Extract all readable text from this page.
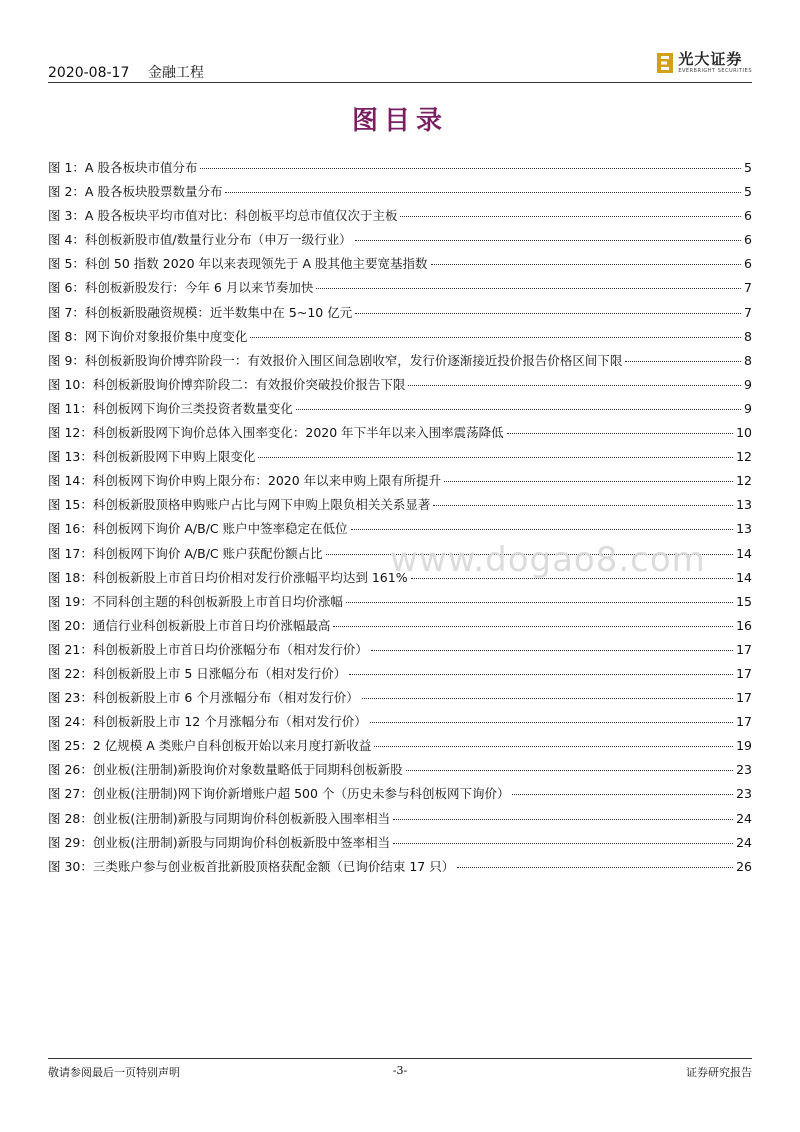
2020-08-17 金融工程
光大证券
EVERBRIGHT SECURITIES
图目录
图 1：A 股各板块市值分布	5
图 2：A 股各板块股票数量分布	5
图 3：A 股各板块平均市值对比：科创板平均总市值仅次于主板	6
图 4：科创板新股市值/数量行业分布（申万一级行业）	6
图 5：科创 50 指数 2020 年以来表现领先于 A 股其他主要宽基指数	6
图 6：科创板新股发行：今年 6 月以来节奏加快	7
图 7：科创板新股融资规模：近半数集中在 5~10 亿元	7
图 8：网下询价对象报价集中度变化	8
图 9：科创板新股询价博弈阶段一：有效报价入围区间急剧收窄，发行价逐渐接近投价报告价格区间下限	8
图 10：科创板新股询价博弈阶段二：有效报价突破投价报告下限	9
图 11：科创板网下询价三类投资者数量变化	9
图 12：科创板新股网下询价总体入围率变化：2020 年下半年以来入围率震荡降低	10
图 13：科创板新股网下申购上限变化	12
图 14：科创板网下询价申购上限分布：2020 年以来申购上限有所提升	12
图 15：科创板新股顶格申购账户占比与网下申购上限负相关关系显著	13
图 16：科创板网下询价 A/B/C 账户中签率稳定在低位	13
图 17：科创板网下询价 A/B/C 账户获配份额占比	14
图 18：科创板新股上市首日均价相对发行价涨幅平均达到 161%	14
图 19：不同科创主题的科创板新股上市首日均价涨幅	15
图 20：通信行业科创板新股上市首日均价涨幅最高	16
图 21：科创板新股上市首日均价涨幅分布（相对发行价）	17
图 22：科创板新股上市 5 日涨幅分布（相对发行价）	17
图 23：科创板新股上市 6 个月涨幅分布（相对发行价）	17
图 24：科创板新股上市 12 个月涨幅分布（相对发行价）	17
图 25：2 亿规模 A 类账户自科创板开始以来月度打新收益	19
图 26：创业板(注册制)新股询价对象数量略低于同期科创板新股	23
图 27：创业板(注册制)网下询价新增账户超 500 个（历史未参与科创板网下询价）	23
图 28：创业板(注册制)新股与同期询价科创板新股入围率相当	24
图 29：创业板(注册制)新股与同期询价科创板新股中签率相当	24
图 30：三类账户参与创业板首批新股顶格获配金额（已询价结束 17 只）	26
www.dogao8.com
敬请参阅最后一页特别声明	-3-	证券研究报告
